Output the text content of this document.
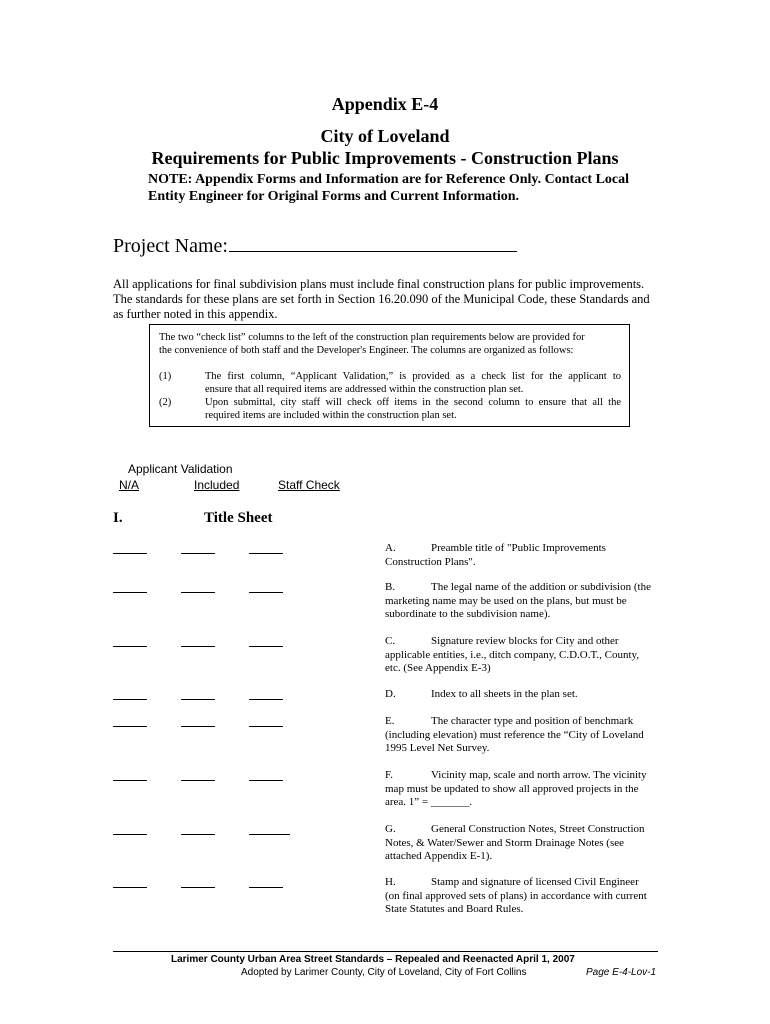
Appendix E-4
City of Loveland
Requirements for Public Improvements - Construction Plans
NOTE: Appendix Forms and Information are for Reference Only. Contact Local
Entity Engineer for Original Forms and Current Information.
Project Name:
All applications for final subdivision plans must include final construction plans for public improvements.
The standards for these plans are set forth in Section 16.20.090 of the Municipal Code, these Standards and
as further noted in this appendix.

The two “check list” columns to the left of the construction plan requirements below are provided for

the convenience of both staff and the Developer's Engineer. The columns are organized as follows:

(1)	The first column, “Applicant Validation,” is provided as a check list for the applicant to

ensure that all required items are addressed within the construction plan set.

(2)	Upon submittal, city staff will check off items in the second column to ensure that all the

required items are included within the construction plan set.

Applicant Validation
N/A	Included	Staff Check
I.	Title Sheet
A.	Preamble title of "Public Improvements
Construction Plans".
B.	The legal name of the addition or subdivision (the
marketing name may be used on the plans, but must be
subordinate to the subdivision name).
C.	Signature review blocks for City and other
applicable entities, i.e., ditch company, C.D.O.T., County,
etc. (See Appendix E-3)
D.	Index to all sheets in the plan set.
E.	The character type and position of benchmark
(including elevation) must reference the “City of Loveland
1995 Level Net Survey.
F.	Vicinity map, scale and north arrow. The vicinity
map must be updated to show all approved projects in the
area. 1” = _______.
G.	General Construction Notes, Street Construction
Notes, & Water/Sewer and Storm Drainage Notes (see
attached Appendix E-1).
H.	Stamp and signature of licensed Civil Engineer
(on final approved sets of plans) in accordance with current
State Statutes and Board Rules.
Larimer County Urban Area Street Standards – Repealed and Reenacted April 1, 2007
Adopted by Larimer County, City of Loveland, City of Fort Collins	Page E-4-Lov-1
